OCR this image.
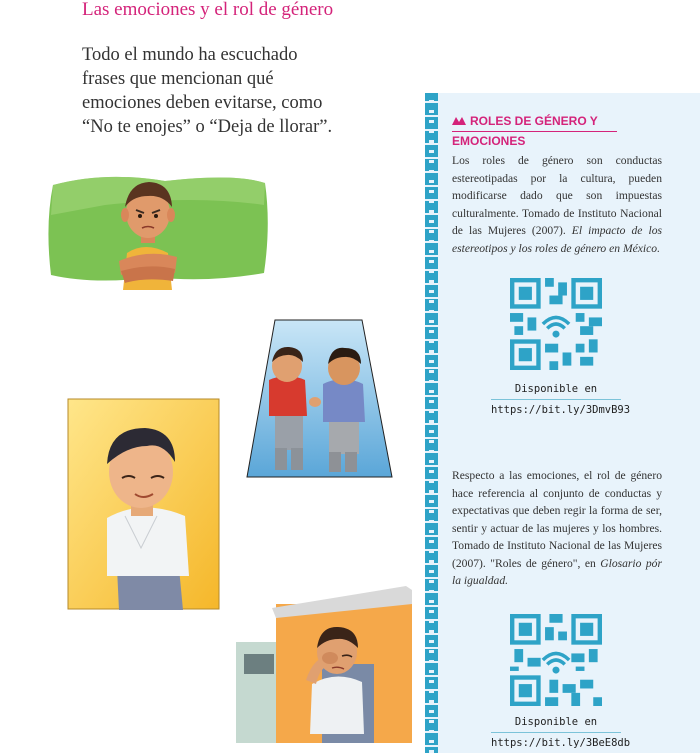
Las emociones y el rol de género
Todo el mundo ha escuchado
frases que mencionan qué
emociones deben evitarse, como
“No te enojes” o “Deja de llorar”.	ROLES DE GÉNERO Y
EMOCIONES
Los roles de género son conductas estereotipadas por la cultura, pueden modificarse dado que son impuestas culturalmente. Tomado de Instituto Nacional de las Mujeres (2007). El impacto de los estereotipos y los roles de género en México.
Disponible en
https://bit.ly/3DmvB93
Respecto a las emociones, el rol de género hace referencia al conjunto de conductas y expectativas que deben regir la forma de ser, sentir y actuar de las mujeres y los hombres. Tomado de Instituto Nacional de las Mujeres (2007). "Roles de género", en Glosario pór la igualdad.
Disponible en
https://bit.ly/3BeE8db
